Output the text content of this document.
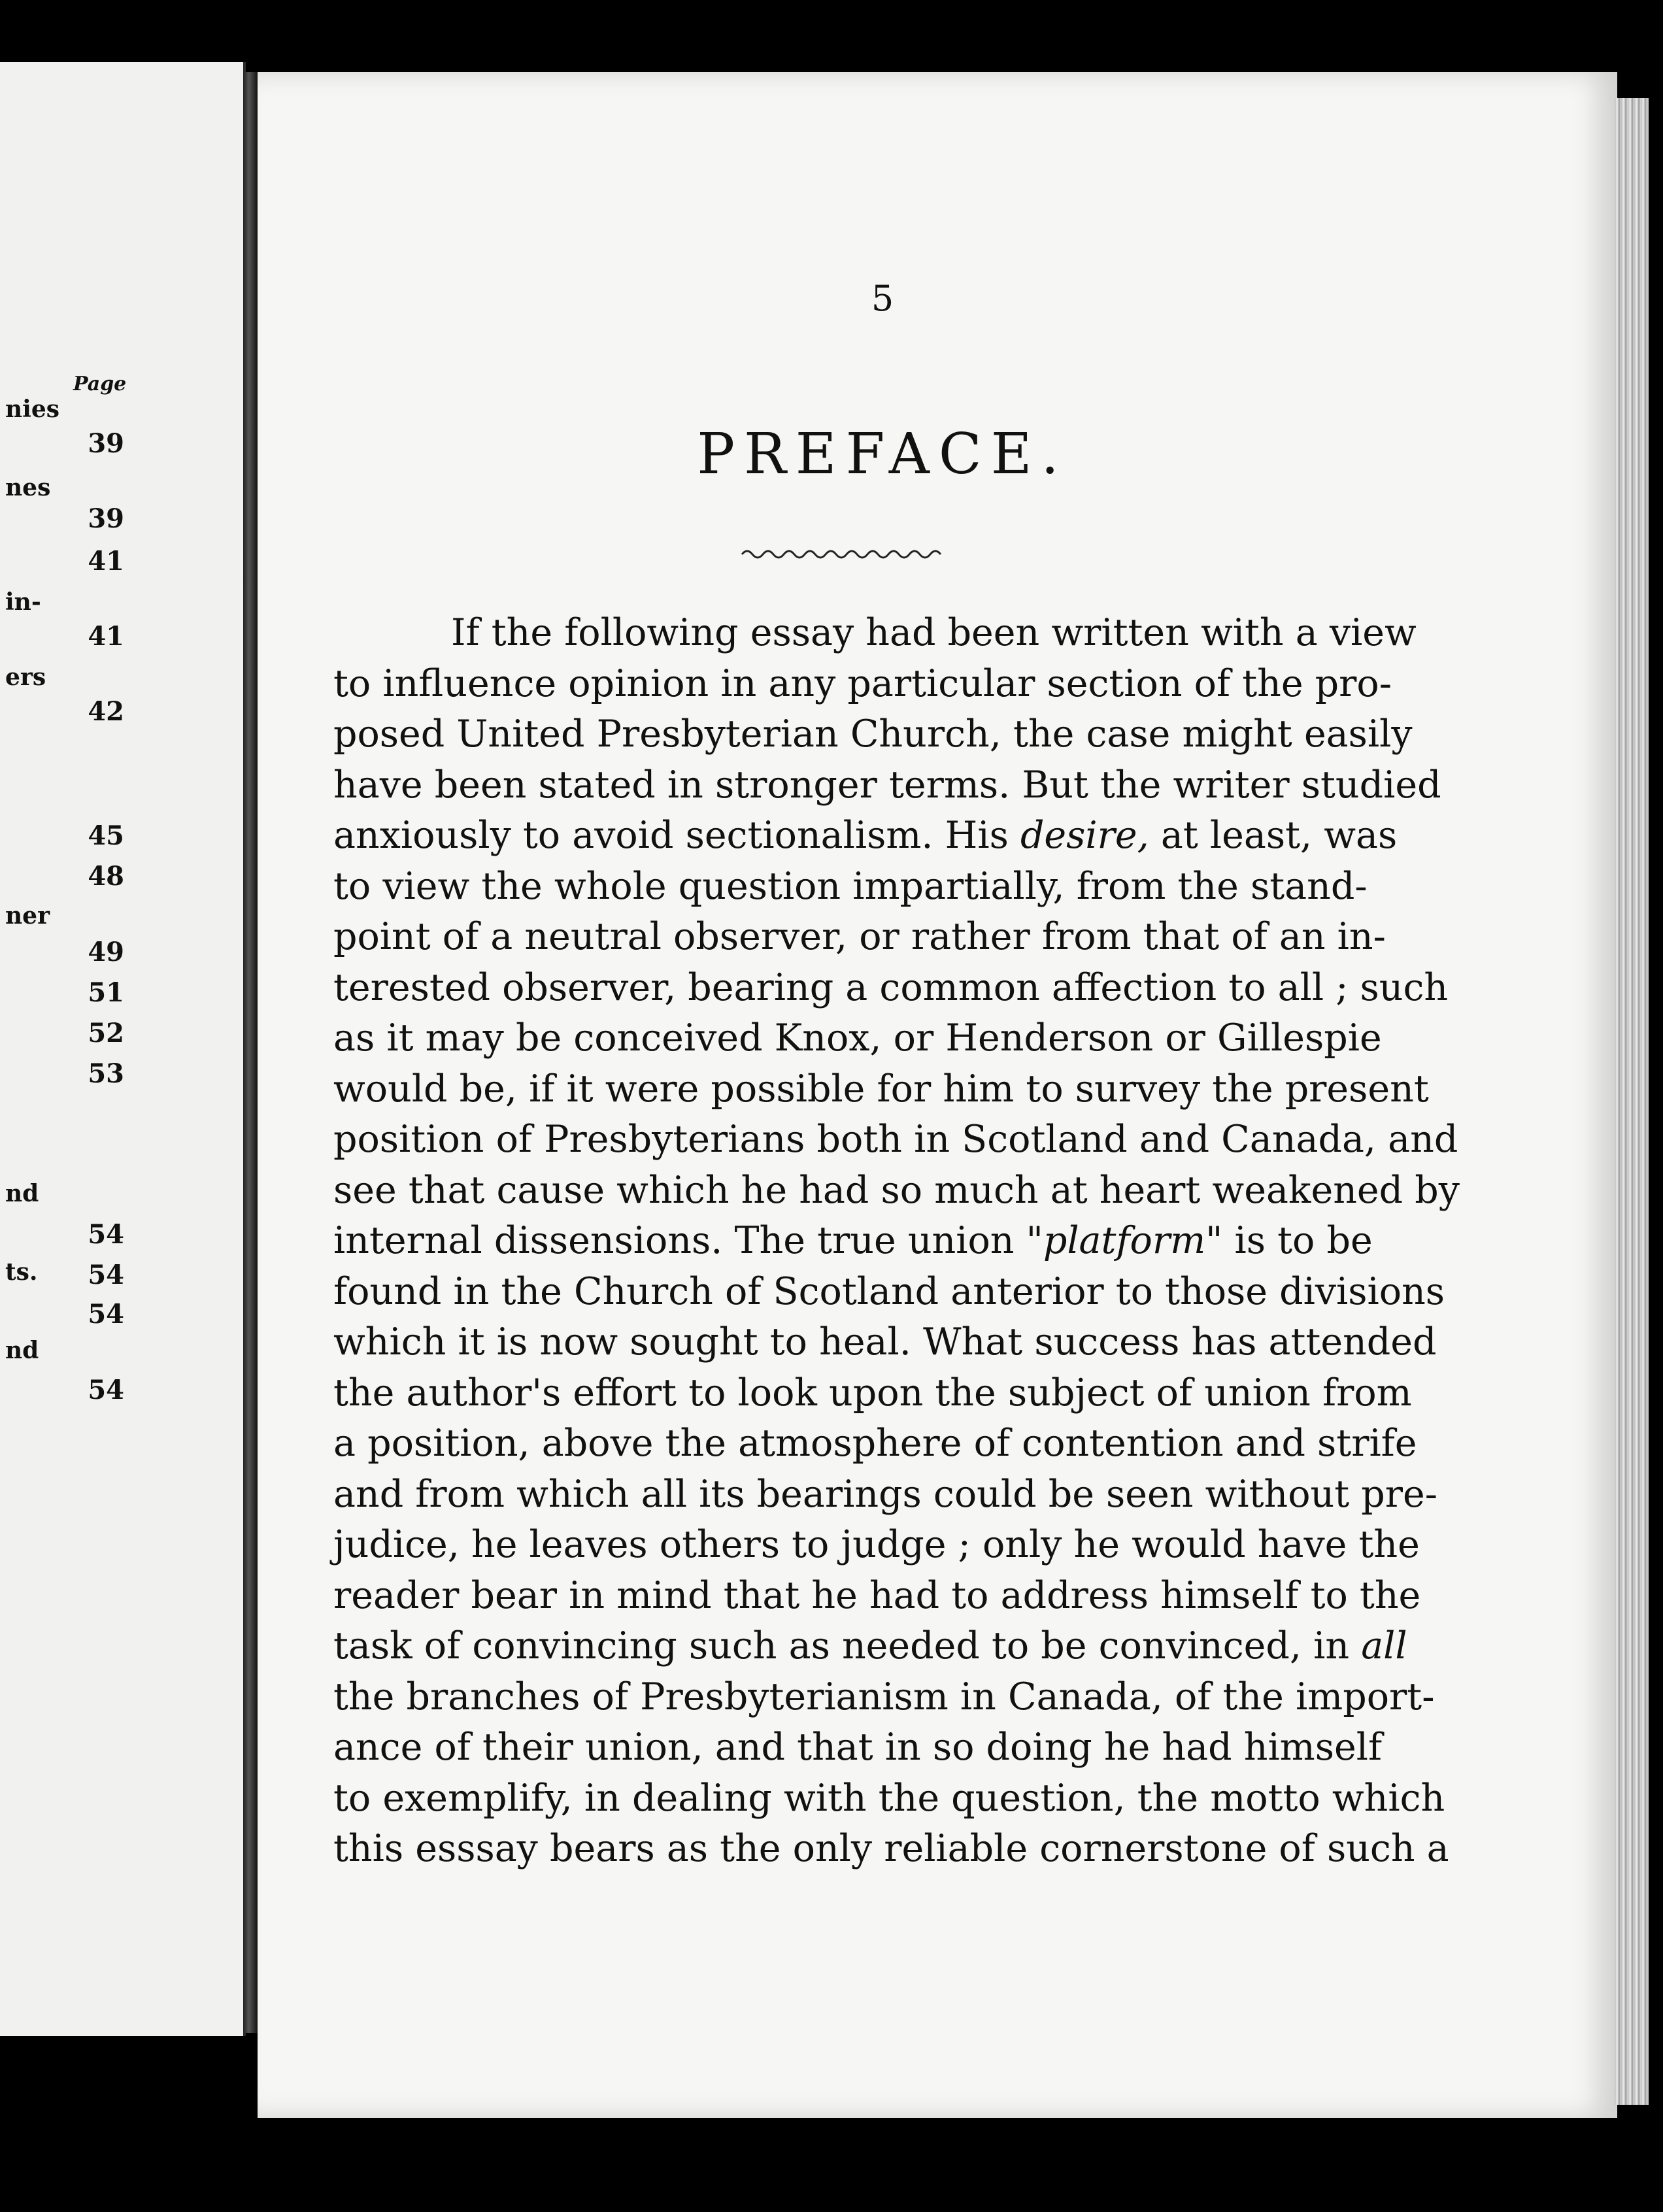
Page
nies
nes
in-
ers
ner
nd
ts.
nd
39
39
41
41
42
45
48
49
51
52
53
54
54
54
54
5
PREFACE.
If the following essay had been written with a view
to influence opinion in any particular section of the pro-
posed United Presbyterian Church, the case might easily
have been stated in stronger terms. But the writer studied
anxiously to avoid sectionalism. His desire, at least, was
to view the whole question impartially, from the stand-
point of a neutral observer, or rather from that of an in-
terested observer, bearing a common affection to all ; such
as it may be conceived Knox, or Henderson or Gillespie
would be, if it were possible for him to survey the present
position of Presbyterians both in Scotland and Canada, and
see that cause which he had so much at heart weakened by
internal dissensions. The true union "platform" is to be
found in the Church of Scotland anterior to those divisions
which it is now sought to heal. What success has attended
the author's effort to look upon the subject of union from
a position, above the atmosphere of contention and strife
and from which all its bearings could be seen without pre-
judice, he leaves others to judge ; only he would have the
reader bear in mind that he had to address himself to the
task of convincing such as needed to be convinced, in all
the branches of Presbyterianism in Canada, of the import-
ance of their union, and that in so doing he had himself
to exemplify, in dealing with the question, the motto which
this esssay bears as the only reliable cornerstone of such a
